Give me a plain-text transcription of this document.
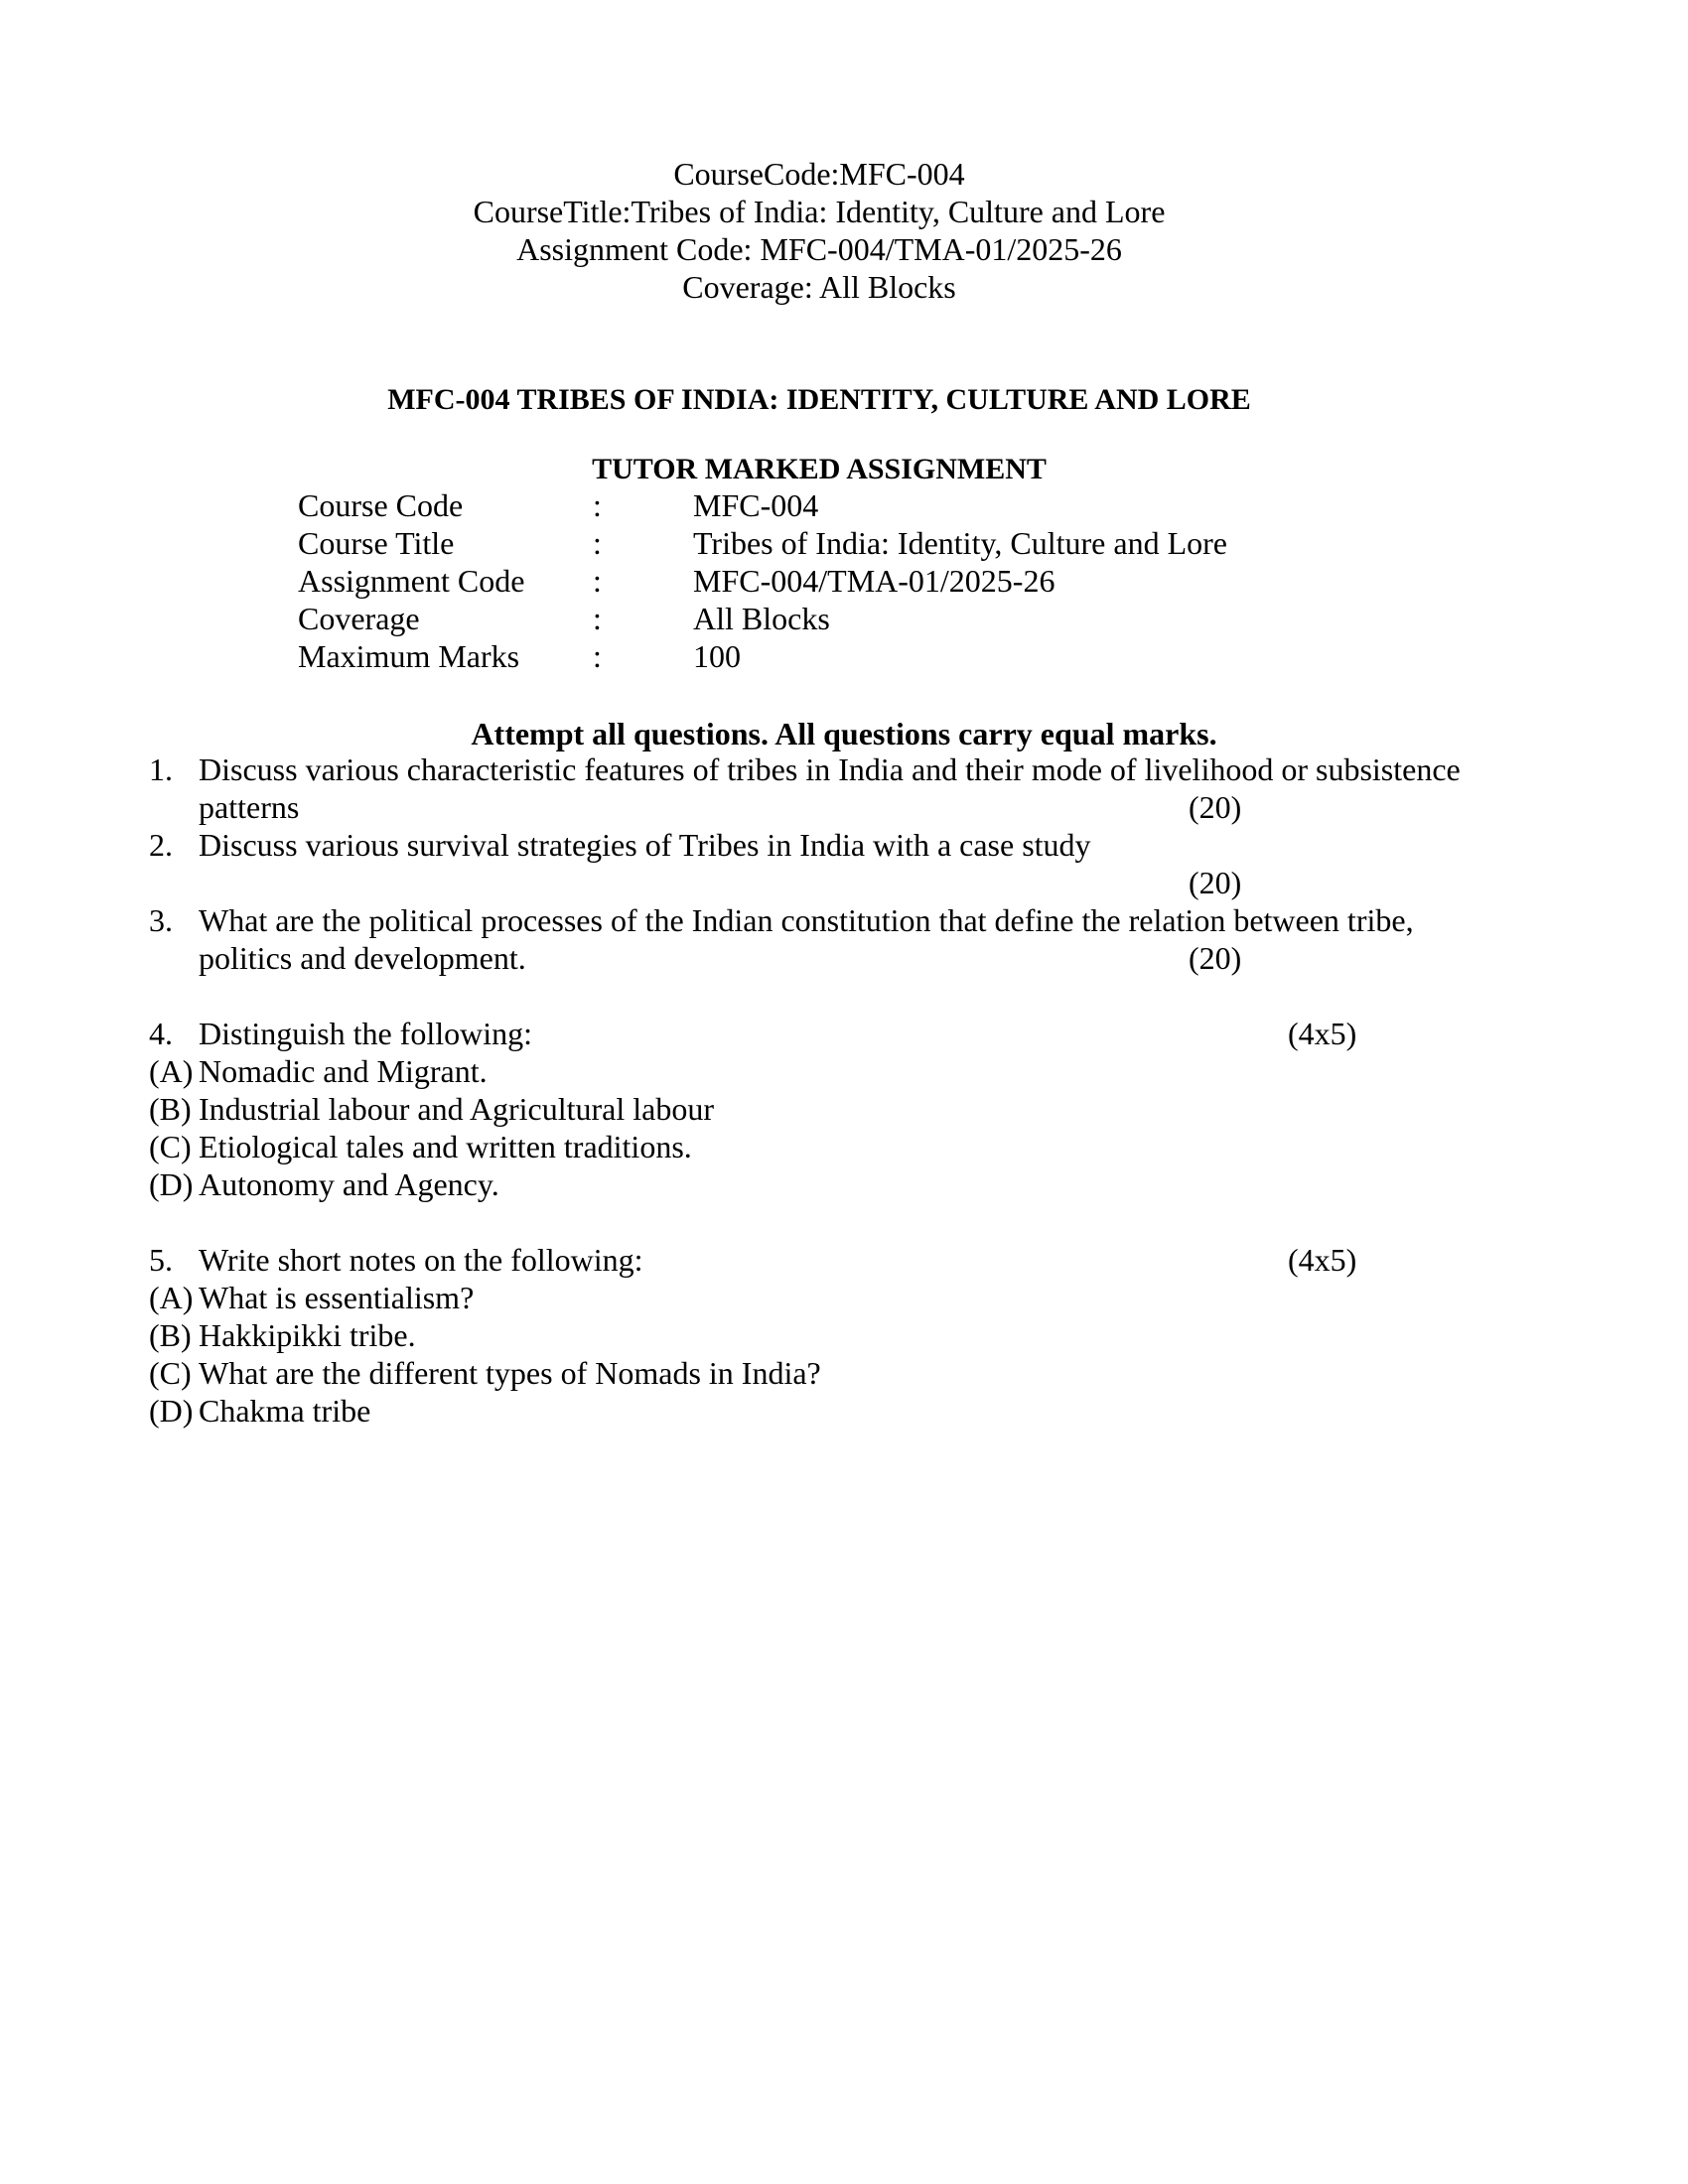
CourseCode:MFC-004
CourseTitle:Tribes of India: Identity, Culture and Lore
Assignment Code: MFC-004/TMA-01/2025-26
Coverage: All Blocks
MFC-004 TRIBES OF INDIA: IDENTITY, CULTURE AND LORE
TUTOR MARKED ASSIGNMENT
Course Code	:	MFC-004
Course Title	:	Tribes of India: Identity, Culture and Lore
Assignment Code :	MFC-004/TMA-01/2025-26
Coverage	:	All Blocks
Maximum Marks :	100
Attempt all questions. All questions carry equal marks.
1. Discuss various characteristic features of tribes in India and their mode of livelihood or subsistence
patterns	(20)
2. Discuss various survival strategies of Tribes in India with a case study
(20)
3. What are the political processes of the Indian constitution that define the relation between tribe,
politics and development.	(20)
4. Distinguish the following:	(4x5)
(A) Nomadic and Migrant.
(B) Industrial labour and Agricultural labour
(C) Etiological tales and written traditions.
(D) Autonomy and Agency.
5. Write short notes on the following:	(4x5)
(A) What is essentialism?
(B) Hakkipikki tribe.
(C) What are the different types of Nomads in India?
(D) Chakma tribe
